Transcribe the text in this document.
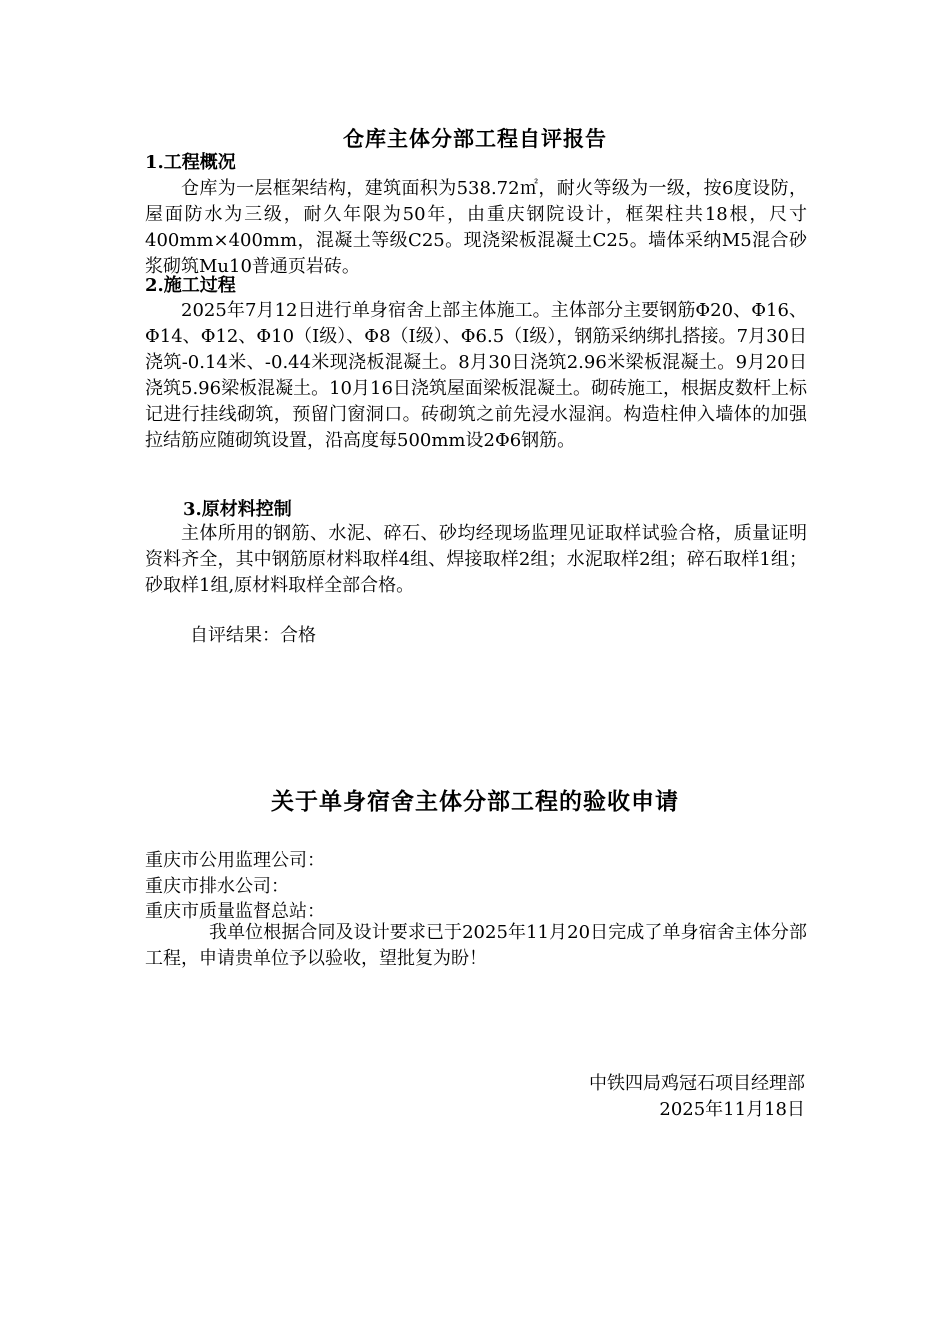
仓库主体分部工程自评报告
1.工程概况

仓库为一层框架结构，建筑面积为538.72㎡，耐火等级为一级，按6度设防，屋面防水为三级，耐久年限为50年，由重庆钢院设计，框架柱共18根，尺寸400mm×400mm，混凝土等级C25。现浇梁板混凝土C25。墙体采纳M5混合砂浆砌筑Mu10普通页岩砖。

2.施工过程

2025年7月12日进行单身宿舍上部主体施工。主体部分主要钢筋Φ20、Φ16、Φ14、Φ12、Φ10（Ⅰ级）、Φ8（Ⅰ级）、Φ6.5（Ⅰ级），钢筋采纳绑扎搭接。7月30日浇筑-0.14米、-0.44米现浇板混凝土。8月30日浇筑2.96米梁板混凝土。9月20日浇筑5.96梁板混凝土。10月16日浇筑屋面梁板混凝土。砌砖施工，根据皮数杆上标记进行挂线砌筑，预留门窗洞口。砖砌筑之前先浸水湿润。构造柱伸入墙体的加强拉结筋应随砌筑设置，沿高度每500mm设2Φ6钢筋。

3.原材料控制

主体所用的钢筋、水泥、碎石、砂均经现场监理见证取样试验合格，质量证明资料齐全，其中钢筋原材料取样4组、焊接取样2组；水泥取样2组；碎石取样1组；砂取样1组,原材料取样全部合格。

自评结果：合格
关于单身宿舍主体分部工程的验收申请
重庆市公用监理公司：
重庆市排水公司：
重庆市质量监督总站：

我单位根据合同及设计要求已于2025年11月20日完成了单身宿舍主体分部工程，申请贵单位予以验收，望批复为盼！

中铁四局鸡冠石项目经理部
2025年11月18日
